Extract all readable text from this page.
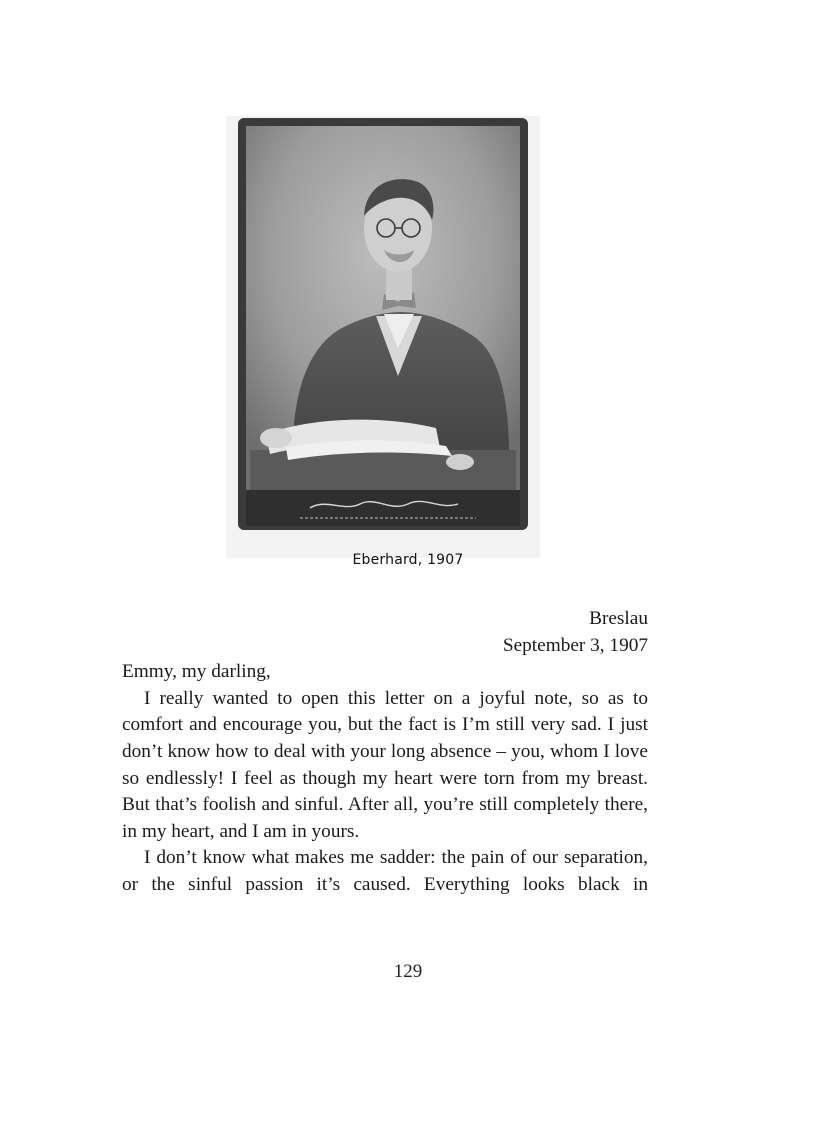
Eberhard, 1907
Breslau
September 3, 1907
Emmy, my darling,

I really wanted to open this letter on a joyful note, so as to comfort and encourage you, but the fact is I’m still very sad. I just don’t know how to deal with your long absence – you, whom I love so endlessly! I feel as though my heart were torn from my breast. But that’s foolish and sinful. After all, you’re still completely there, in my heart, and I am in yours.

I don’t know what makes me sadder: the pain of our separation, or the sinful passion it’s caused. Everything looks black in

129
